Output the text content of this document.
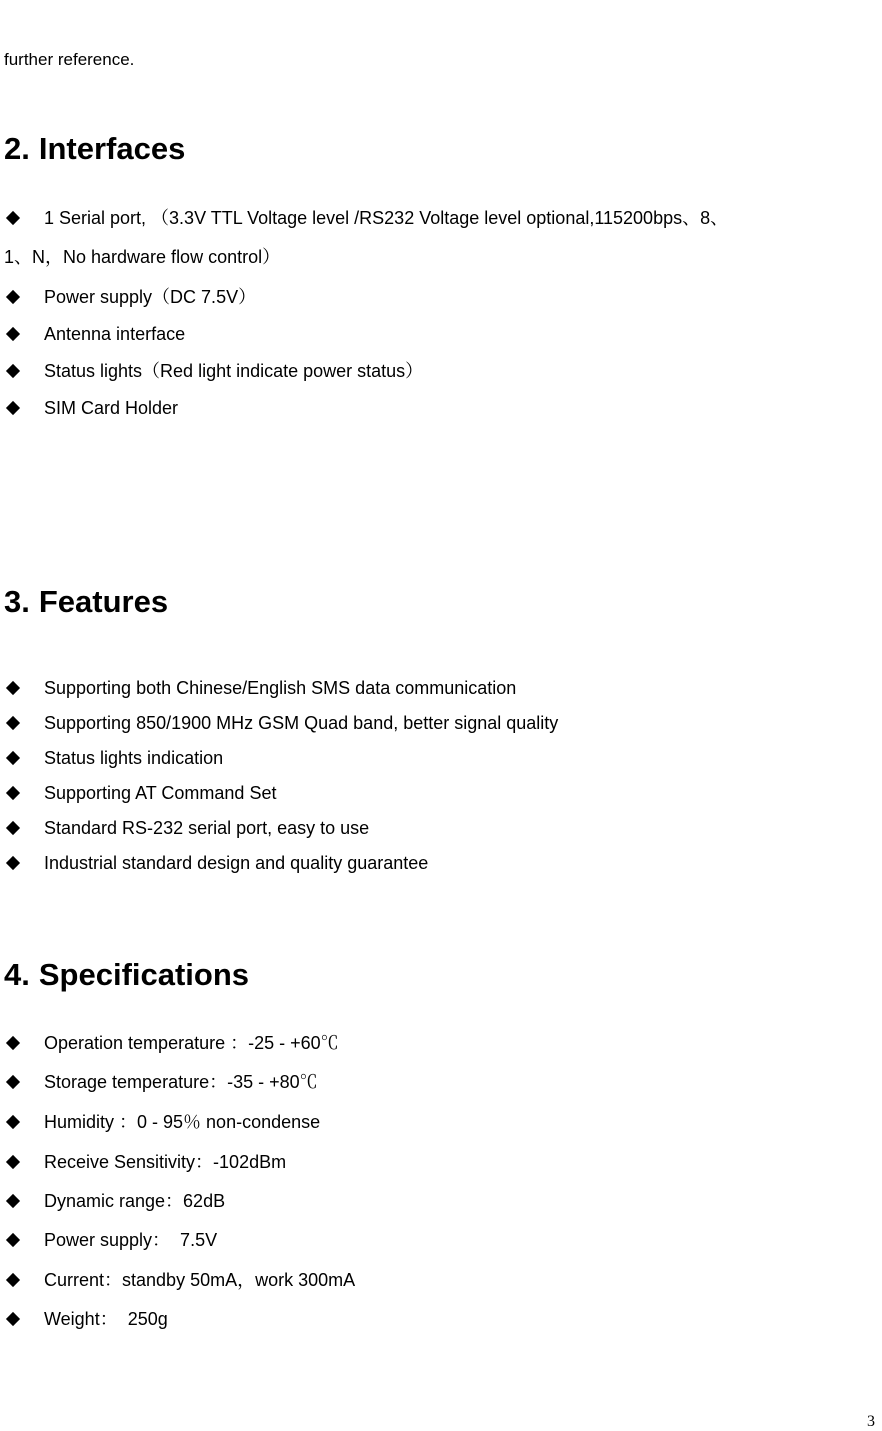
further reference.

2. Interfaces
1 Serial port, （3.3V TTL Voltage level /RS232 Voltage level optional,115200bps、8、
Power supply（DC 7.5V）
Antenna interface
Status lights（Red light indicate power status）
SIM Card Holder
1、N，No hardware flow control）
3. Features
Supporting both Chinese/English SMS data communication
Supporting 850/1900 MHz GSM Quad band, better signal quality
Status lights indication
Supporting AT Command Set
Standard RS-232 serial port, easy to use
Industrial standard design and quality guarantee
4. Specifications
Operation temperature ：-25 - +60℃
Storage temperature：-35 - +80℃
Humidity ：0 - 95％ non-condense
Receive Sensitivity：-102dBm
Dynamic range：62dB
Power supply：  7.5V
Current：standby 50mA，work 300mA
Weight：  250g
3
